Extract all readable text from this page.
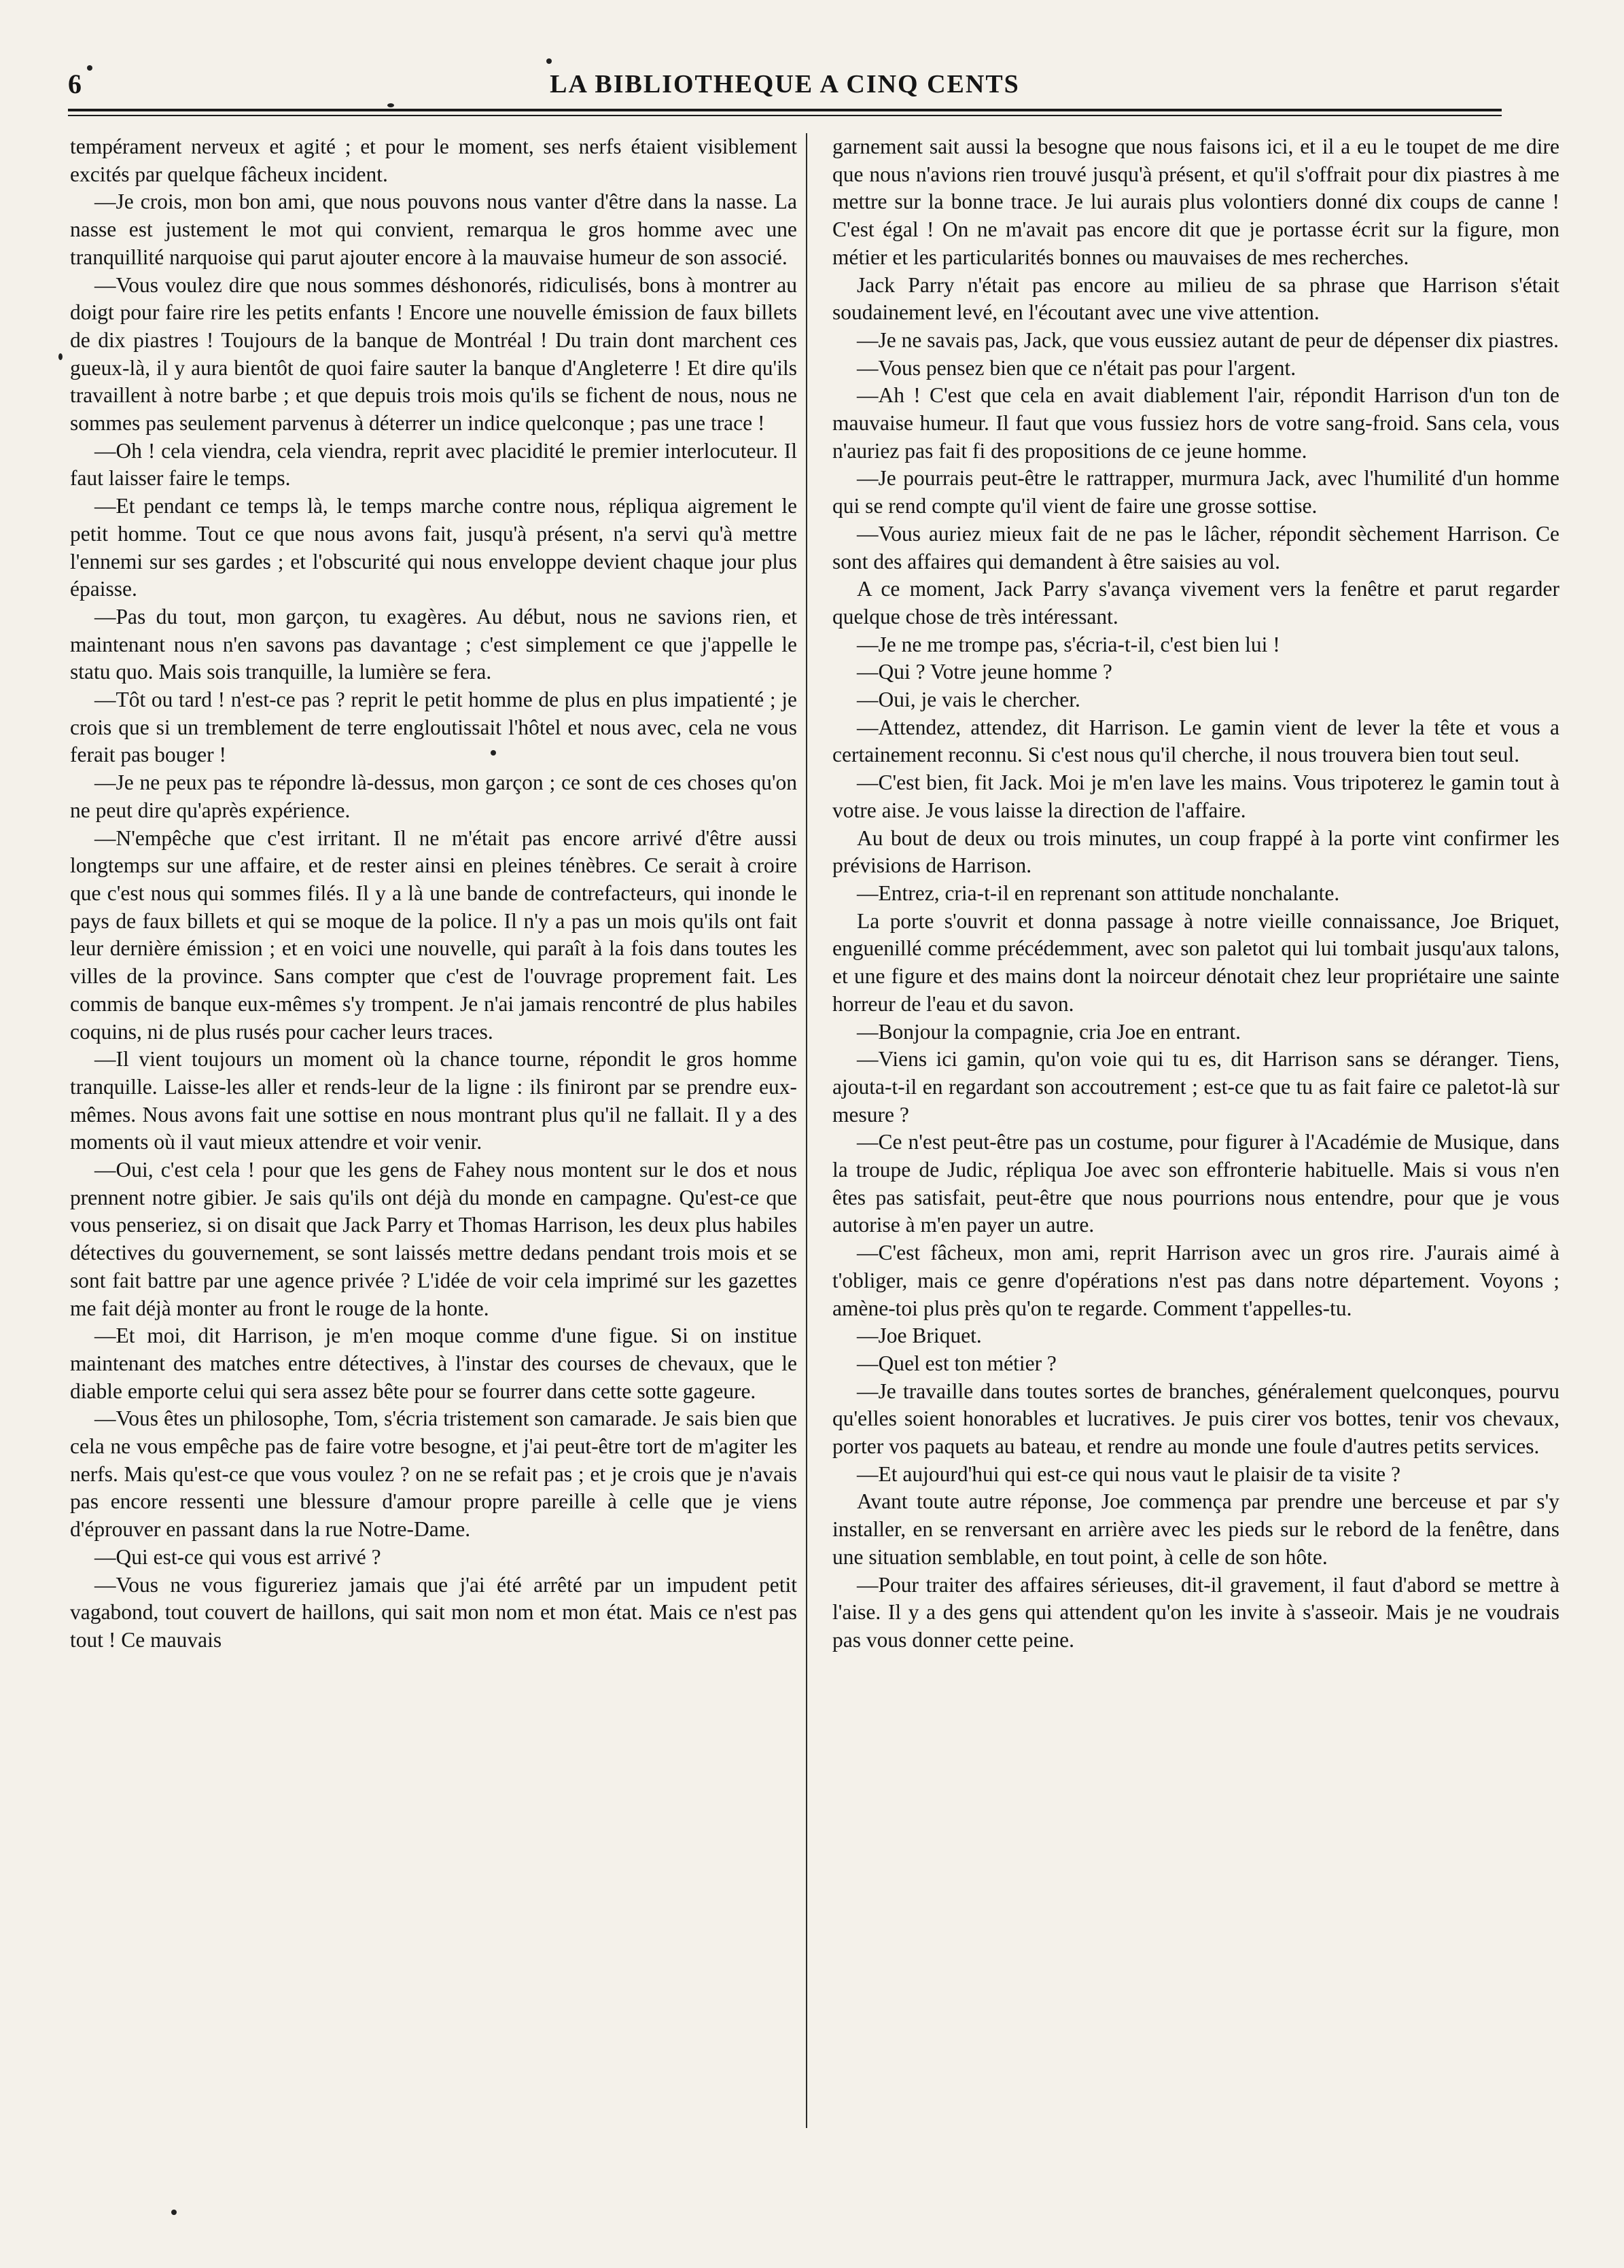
6	LA BIBLIOTHEQUE A CINQ CENTS

tempérament nerveux et agité ; et pour le moment, ses nerfs étaient visiblement excités par quelque fâcheux incident.

—Je crois, mon bon ami, que nous pouvons nous vanter d'être dans la nasse. La nasse est justement le mot qui convient, remarqua le gros homme avec une tranquillité narquoise qui parut ajouter encore à la mauvaise humeur de son associé.

—Vous voulez dire que nous sommes déshonorés, ridiculisés, bons à montrer au doigt pour faire rire les petits enfants ! Encore une nouvelle émission de faux billets de dix piastres ! Toujours de la banque de Montréal ! Du train dont marchent ces gueux-là, il y aura bientôt de quoi faire sauter la banque d'Angleterre ! Et dire qu'ils travaillent à notre barbe ; et que depuis trois mois qu'ils se fichent de nous, nous ne sommes pas seulement parvenus à déterrer un indice quelconque ; pas une trace !

—Oh ! cela viendra, cela viendra, reprit avec placidité le premier interlocuteur. Il faut laisser faire le temps.

—Et pendant ce temps là, le temps marche contre nous, répliqua aigrement le petit homme. Tout ce que nous avons fait, jusqu'à présent, n'a servi qu'à mettre l'ennemi sur ses gardes ; et l'obscurité qui nous enveloppe devient chaque jour plus épaisse.

—Pas du tout, mon garçon, tu exagères. Au début, nous ne savions rien, et maintenant nous n'en savons pas davantage ; c'est simplement ce que j'appelle le statu quo. Mais sois tranquille, la lumière se fera.

—Tôt ou tard ! n'est-ce pas ? reprit le petit homme de plus en plus impatienté ; je crois que si un tremblement de terre engloutissait l'hôtel et nous avec, cela ne vous ferait pas bouger !

—Je ne peux pas te répondre là-dessus, mon garçon ; ce sont de ces choses qu'on ne peut dire qu'après expérience.

—N'empêche que c'est irritant. Il ne m'était pas encore arrivé d'être aussi longtemps sur une affaire, et de rester ainsi en pleines ténèbres. Ce serait à croire que c'est nous qui sommes filés. Il y a là une bande de contrefacteurs, qui inonde le pays de faux billets et qui se moque de la police. Il n'y a pas un mois qu'ils ont fait leur dernière émission ; et en voici une nouvelle, qui paraît à la fois dans toutes les villes de la province. Sans compter que c'est de l'ouvrage proprement fait. Les commis de banque eux-mêmes s'y trompent. Je n'ai jamais rencontré de plus habiles coquins, ni de plus rusés pour cacher leurs traces.

—Il vient toujours un moment où la chance tourne, répondit le gros homme tranquille. Laisse-les aller et rends-leur de la ligne : ils finiront par se prendre eux-mêmes. Nous avons fait une sottise en nous montrant plus qu'il ne fallait. Il y a des moments où il vaut mieux attendre et voir venir.

—Oui, c'est cela ! pour que les gens de Fahey nous montent sur le dos et nous prennent notre gibier. Je sais qu'ils ont déjà du monde en campagne. Qu'est-ce que vous penseriez, si on disait que Jack Parry et Thomas Harrison, les deux plus habiles détectives du gouvernement, se sont laissés mettre dedans pendant trois mois et se sont fait battre par une agence privée ? L'idée de voir cela imprimé sur les gazettes me fait déjà monter au front le rouge de la honte.

—Et moi, dit Harrison, je m'en moque comme d'une figue. Si on institue maintenant des matches entre détectives, à l'instar des courses de chevaux, que le diable emporte celui qui sera assez bête pour se fourrer dans cette sotte gageure.

—Vous êtes un philosophe, Tom, s'écria tristement son camarade. Je sais bien que cela ne vous empêche pas de faire votre besogne, et j'ai peut-être tort de m'agiter les nerfs. Mais qu'est-ce que vous voulez ? on ne se refait pas ; et je crois que je n'avais pas encore ressenti une blessure d'amour propre pareille à celle que je viens d'éprouver en passant dans la rue Notre-Dame.

—Qui est-ce qui vous est arrivé ?

—Vous ne vous figureriez jamais que j'ai été arrêté par un impudent petit vagabond, tout couvert de haillons, qui sait mon nom et mon état. Mais ce n'est pas tout ! Ce mauvais

garnement sait aussi la besogne que nous faisons ici, et il a eu le toupet de me dire que nous n'avions rien trouvé jusqu'à présent, et qu'il s'offrait pour dix piastres à me mettre sur la bonne trace. Je lui aurais plus volontiers donné dix coups de canne ! C'est égal ! On ne m'avait pas encore dit que je portasse écrit sur la figure, mon métier et les particularités bonnes ou mauvaises de mes recherches.

Jack Parry n'était pas encore au milieu de sa phrase que Harrison s'était soudainement levé, en l'écoutant avec une vive attention.

—Je ne savais pas, Jack, que vous eussiez autant de peur de dépenser dix piastres.

—Vous pensez bien que ce n'était pas pour l'argent.

—Ah ! C'est que cela en avait diablement l'air, répondit Harrison d'un ton de mauvaise humeur. Il faut que vous fussiez hors de votre sang-froid. Sans cela, vous n'auriez pas fait fi des propositions de ce jeune homme.

—Je pourrais peut-être le rattrapper, murmura Jack, avec l'humilité d'un homme qui se rend compte qu'il vient de faire une grosse sottise.

—Vous auriez mieux fait de ne pas le lâcher, répondit sèchement Harrison. Ce sont des affaires qui demandent à être saisies au vol.

A ce moment, Jack Parry s'avança vivement vers la fenêtre et parut regarder quelque chose de très intéressant.

—Je ne me trompe pas, s'écria-t-il, c'est bien lui !

—Qui ? Votre jeune homme ?

—Oui, je vais le chercher.

—Attendez, attendez, dit Harrison. Le gamin vient de lever la tête et vous a certainement reconnu. Si c'est nous qu'il cherche, il nous trouvera bien tout seul.

—C'est bien, fit Jack. Moi je m'en lave les mains. Vous tripoterez le gamin tout à votre aise. Je vous laisse la direction de l'affaire.

Au bout de deux ou trois minutes, un coup frappé à la porte vint confirmer les prévisions de Harrison.

—Entrez, cria-t-il en reprenant son attitude nonchalante.

La porte s'ouvrit et donna passage à notre vieille connaissance, Joe Briquet, enguenillé comme précédemment, avec son paletot qui lui tombait jusqu'aux talons, et une figure et des mains dont la noirceur dénotait chez leur propriétaire une sainte horreur de l'eau et du savon.

—Bonjour la compagnie, cria Joe en entrant.

—Viens ici gamin, qu'on voie qui tu es, dit Harrison sans se déranger. Tiens, ajouta-t-il en regardant son accoutrement ; est-ce que tu as fait faire ce paletot-là sur mesure ?

—Ce n'est peut-être pas un costume, pour figurer à l'Académie de Musique, dans la troupe de Judic, répliqua Joe avec son effronterie habituelle. Mais si vous n'en êtes pas satisfait, peut-être que nous pourrions nous entendre, pour que je vous autorise à m'en payer un autre.

—C'est fâcheux, mon ami, reprit Harrison avec un gros rire. J'aurais aimé à t'obliger, mais ce genre d'opérations n'est pas dans notre département. Voyons ; amène-toi plus près qu'on te regarde. Comment t'appelles-tu.

—Joe Briquet.

—Quel est ton métier ?

—Je travaille dans toutes sortes de branches, généralement quelconques, pourvu qu'elles soient honorables et lucratives. Je puis cirer vos bottes, tenir vos chevaux, porter vos paquets au bateau, et rendre au monde une foule d'autres petits services.

—Et aujourd'hui qui est-ce qui nous vaut le plaisir de ta visite ?

Avant toute autre réponse, Joe commença par prendre une berceuse et par s'y installer, en se renversant en arrière avec les pieds sur le rebord de la fenêtre, dans une situation semblable, en tout point, à celle de son hôte.

—Pour traiter des affaires sérieuses, dit-il gravement, il faut d'abord se mettre à l'aise. Il y a des gens qui attendent qu'on les invite à s'asseoir. Mais je ne voudrais pas vous donner cette peine.
